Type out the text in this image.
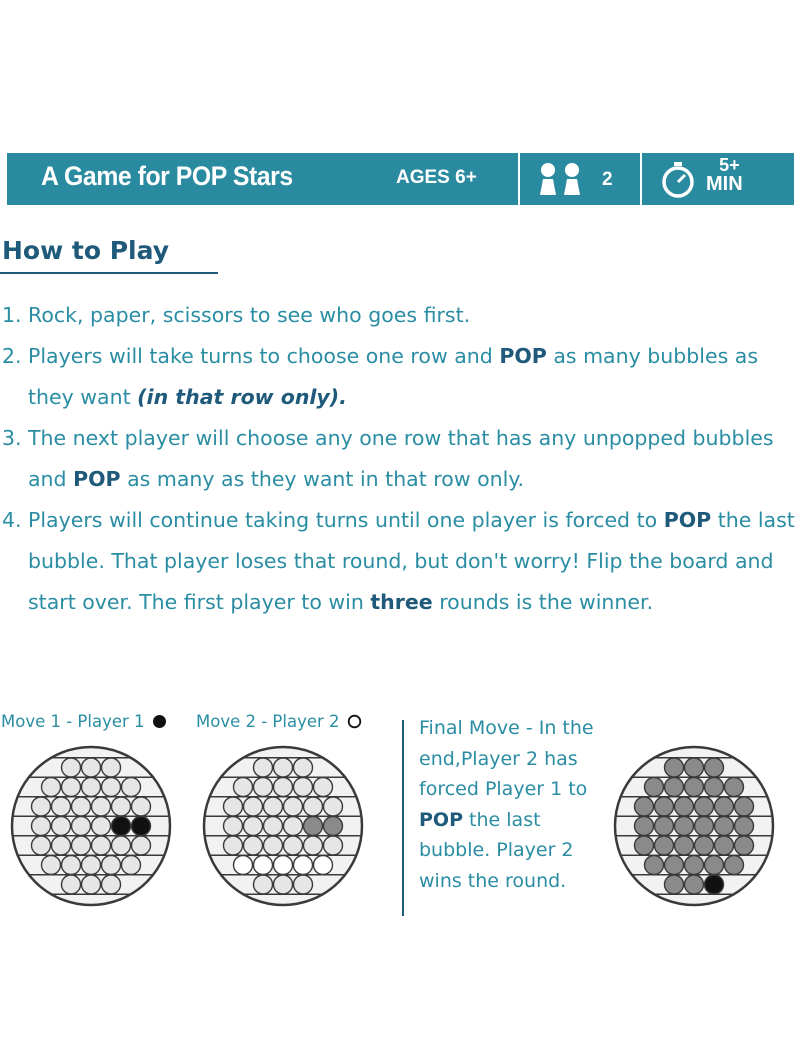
A Game for POP Stars	AGES 6+	2
5+
MIN
How to Play
1. Rock, paper, scissors to see who goes first.
2. Players will take turns to choose one row and POP as many bubbles as they want (in that row only).
3. The next player will choose any one row that has any unpopped bubbles and POP as many as they want in that row only.
4. Players will continue taking turns until one player is forced to POP the last bubble. That player loses that round, but don't worry! Flip the board and start over. The first player to win three rounds is the winner.
Move 1 - Player 1	Move 2 - Player 2	Final Move - In the end,Player 2 has forced Player 1 to POP the last bubble. Player 2 wins the round.
